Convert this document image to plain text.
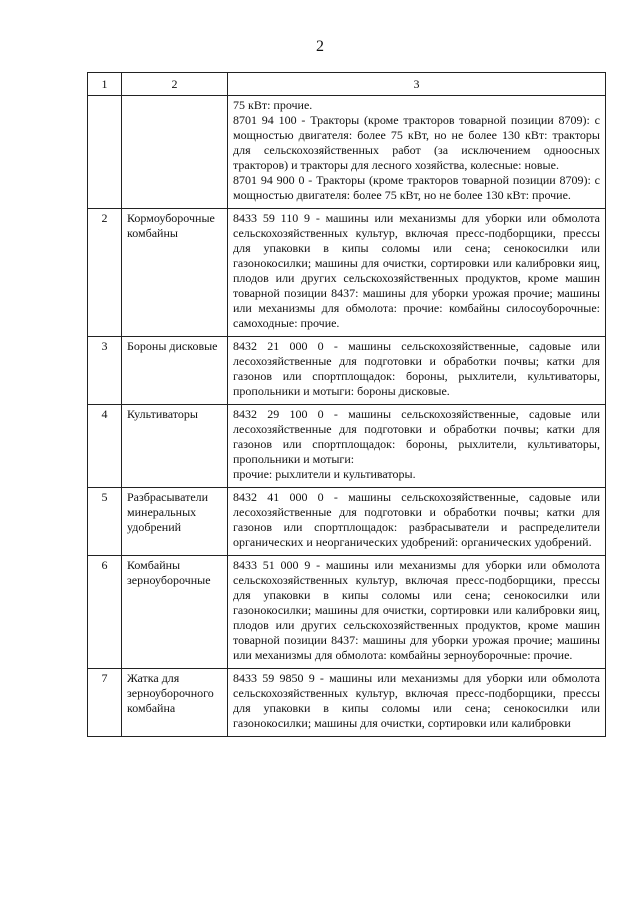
2
1	2	3

		75 кВт: прочие.
8701 94 100 - Тракторы (кроме тракторов товарной позиции 8709): с мощностью двигателя: более 75 кВт, но не более 130 кВт: тракторы для сельскохозяйственных работ (за исключением одноосных тракторов) и тракторы для лесного хозяйства, колесные: новые.
8701 94 900 0 - Тракторы (кроме тракторов товарной позиции 8709): с мощностью двигателя: более 75 кВт, но не более 130 кВт: прочие.

2	Кормоуборочные комбайны	8433 59 110 9 - машины или механизмы для уборки или обмолота сельскохозяйственных культур, включая пресс-подборщики, прессы для упаковки в кипы соломы или сена; сенокосилки или газонокосилки; машины для очистки, сортировки или калибровки яиц, плодов или других сельскохозяйственных продуктов, кроме машин товарной позиции 8437: машины для уборки урожая прочие; машины или механизмы для обмолота: прочие: комбайны силосоуборочные: самоходные: прочие.

3	Бороны дисковые	8432 21 000 0 - машины сельскохозяйственные, садовые или лесохозяйственные для подготовки и обработки почвы; катки для газонов или спортплощадок: бороны, рыхлители, культиваторы, пропольники и мотыги: бороны дисковые.

4	Культиваторы	8432 29 100 0 - машины сельскохозяйственные, садовые или лесохозяйственные для подготовки и обработки почвы; катки для газонов или спортплощадок: бороны, рыхлители, культиваторы, пропольники и мотыги:
прочие: рыхлители и культиваторы.

5	Разбрасыватели минеральных удобрений	8432 41 000 0 - машины сельскохозяйственные, садовые или лесохозяйственные для подготовки и обработки почвы; катки для газонов или спортплощадок: разбрасыватели и распределители органических и неорганических удобрений: органических удобрений.

6	Комбайны зерноуборочные	8433 51 000 9 - машины или механизмы для уборки или обмолота сельскохозяйственных культур, включая пресс-подборщики, прессы для упаковки в кипы соломы или сена; сенокосилки или газонокосилки; машины для очистки, сортировки или калибровки яиц, плодов или других сельскохозяйственных продуктов, кроме машин товарной позиции 8437: машины для уборки урожая прочие; машины или механизмы для обмолота: комбайны зерноуборочные: прочие.

7	Жатка для зерноуборочного комбайна	8433 59 9850 9 - машины или механизмы для уборки или обмолота сельскохозяйственных культур, включая пресс-подборщики, прессы для упаковки в кипы соломы или сена; сенокосилки или газонокосилки; машины для очистки, сортировки или калибровки
